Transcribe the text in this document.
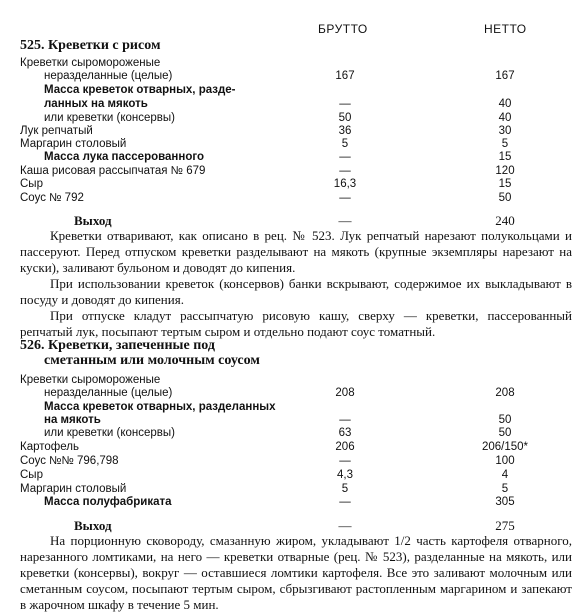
БРУТТО	НЕТТО
525. Креветки с рисом
Креветки сыромороженые
неразделанные (целые)	167	167
Масса креветок отварных, разде-
ланных на мякоть	—	40
или креветки (консервы)	50	40
Лук репчатый	36	30
Маргарин столовый	5	5
Масса лука пассерованного	—	15
Каша рисовая рассыпчатая № 679	—	120
Сыр	16,3	15
Соус № 792	—	50
Выход	—	240

Креветки отваривают, как описано в рец. № 523. Лук репчатый нарезают полукольцами и пассеруют. Перед отпуском креветки разделывают на мякоть (крупные экземпляры нарезают на куски), заливают бульоном и доводят до кипения.

При использовании креветок (консервов) банки вскрывают, содержимое их выкладывают в посуду и доводят до кипения.

При отпуске кладут рассыпчатую рисовую кашу, сверху — креветки, пассерованный репчатый лук, посыпают тертым сыром и отдельно подают соус томатный.

526. Креветки, запеченные под
сметанным или молочным соусом
Креветки сыромороженые
неразделанные (целые)	208	208
Масса креветок отварных, разделанных
на мякоть	—	50
или креветки (консервы)	63	50
Картофель	206	206/150*
Соус №№ 796,798	—	100
Сыр	4,3	4
Маргарин столовый	5	5
Масса полуфабриката	—	305
Выход	—	275

На порционную сковороду, смазанную жиром, укладывают 1/2 часть картофеля отварного, нарезанного ломтиками, на него — креветки отварные (рец. № 523), разделанные на мякоть, или креветки (консервы), вокруг — оставшиеся ломтики картофеля. Все это заливают молочным или сметанным соусом, посыпают тертым сыром, сбрызгивают растопленным маргарином и запекают в жарочном шкафу в течение 5 мин.
